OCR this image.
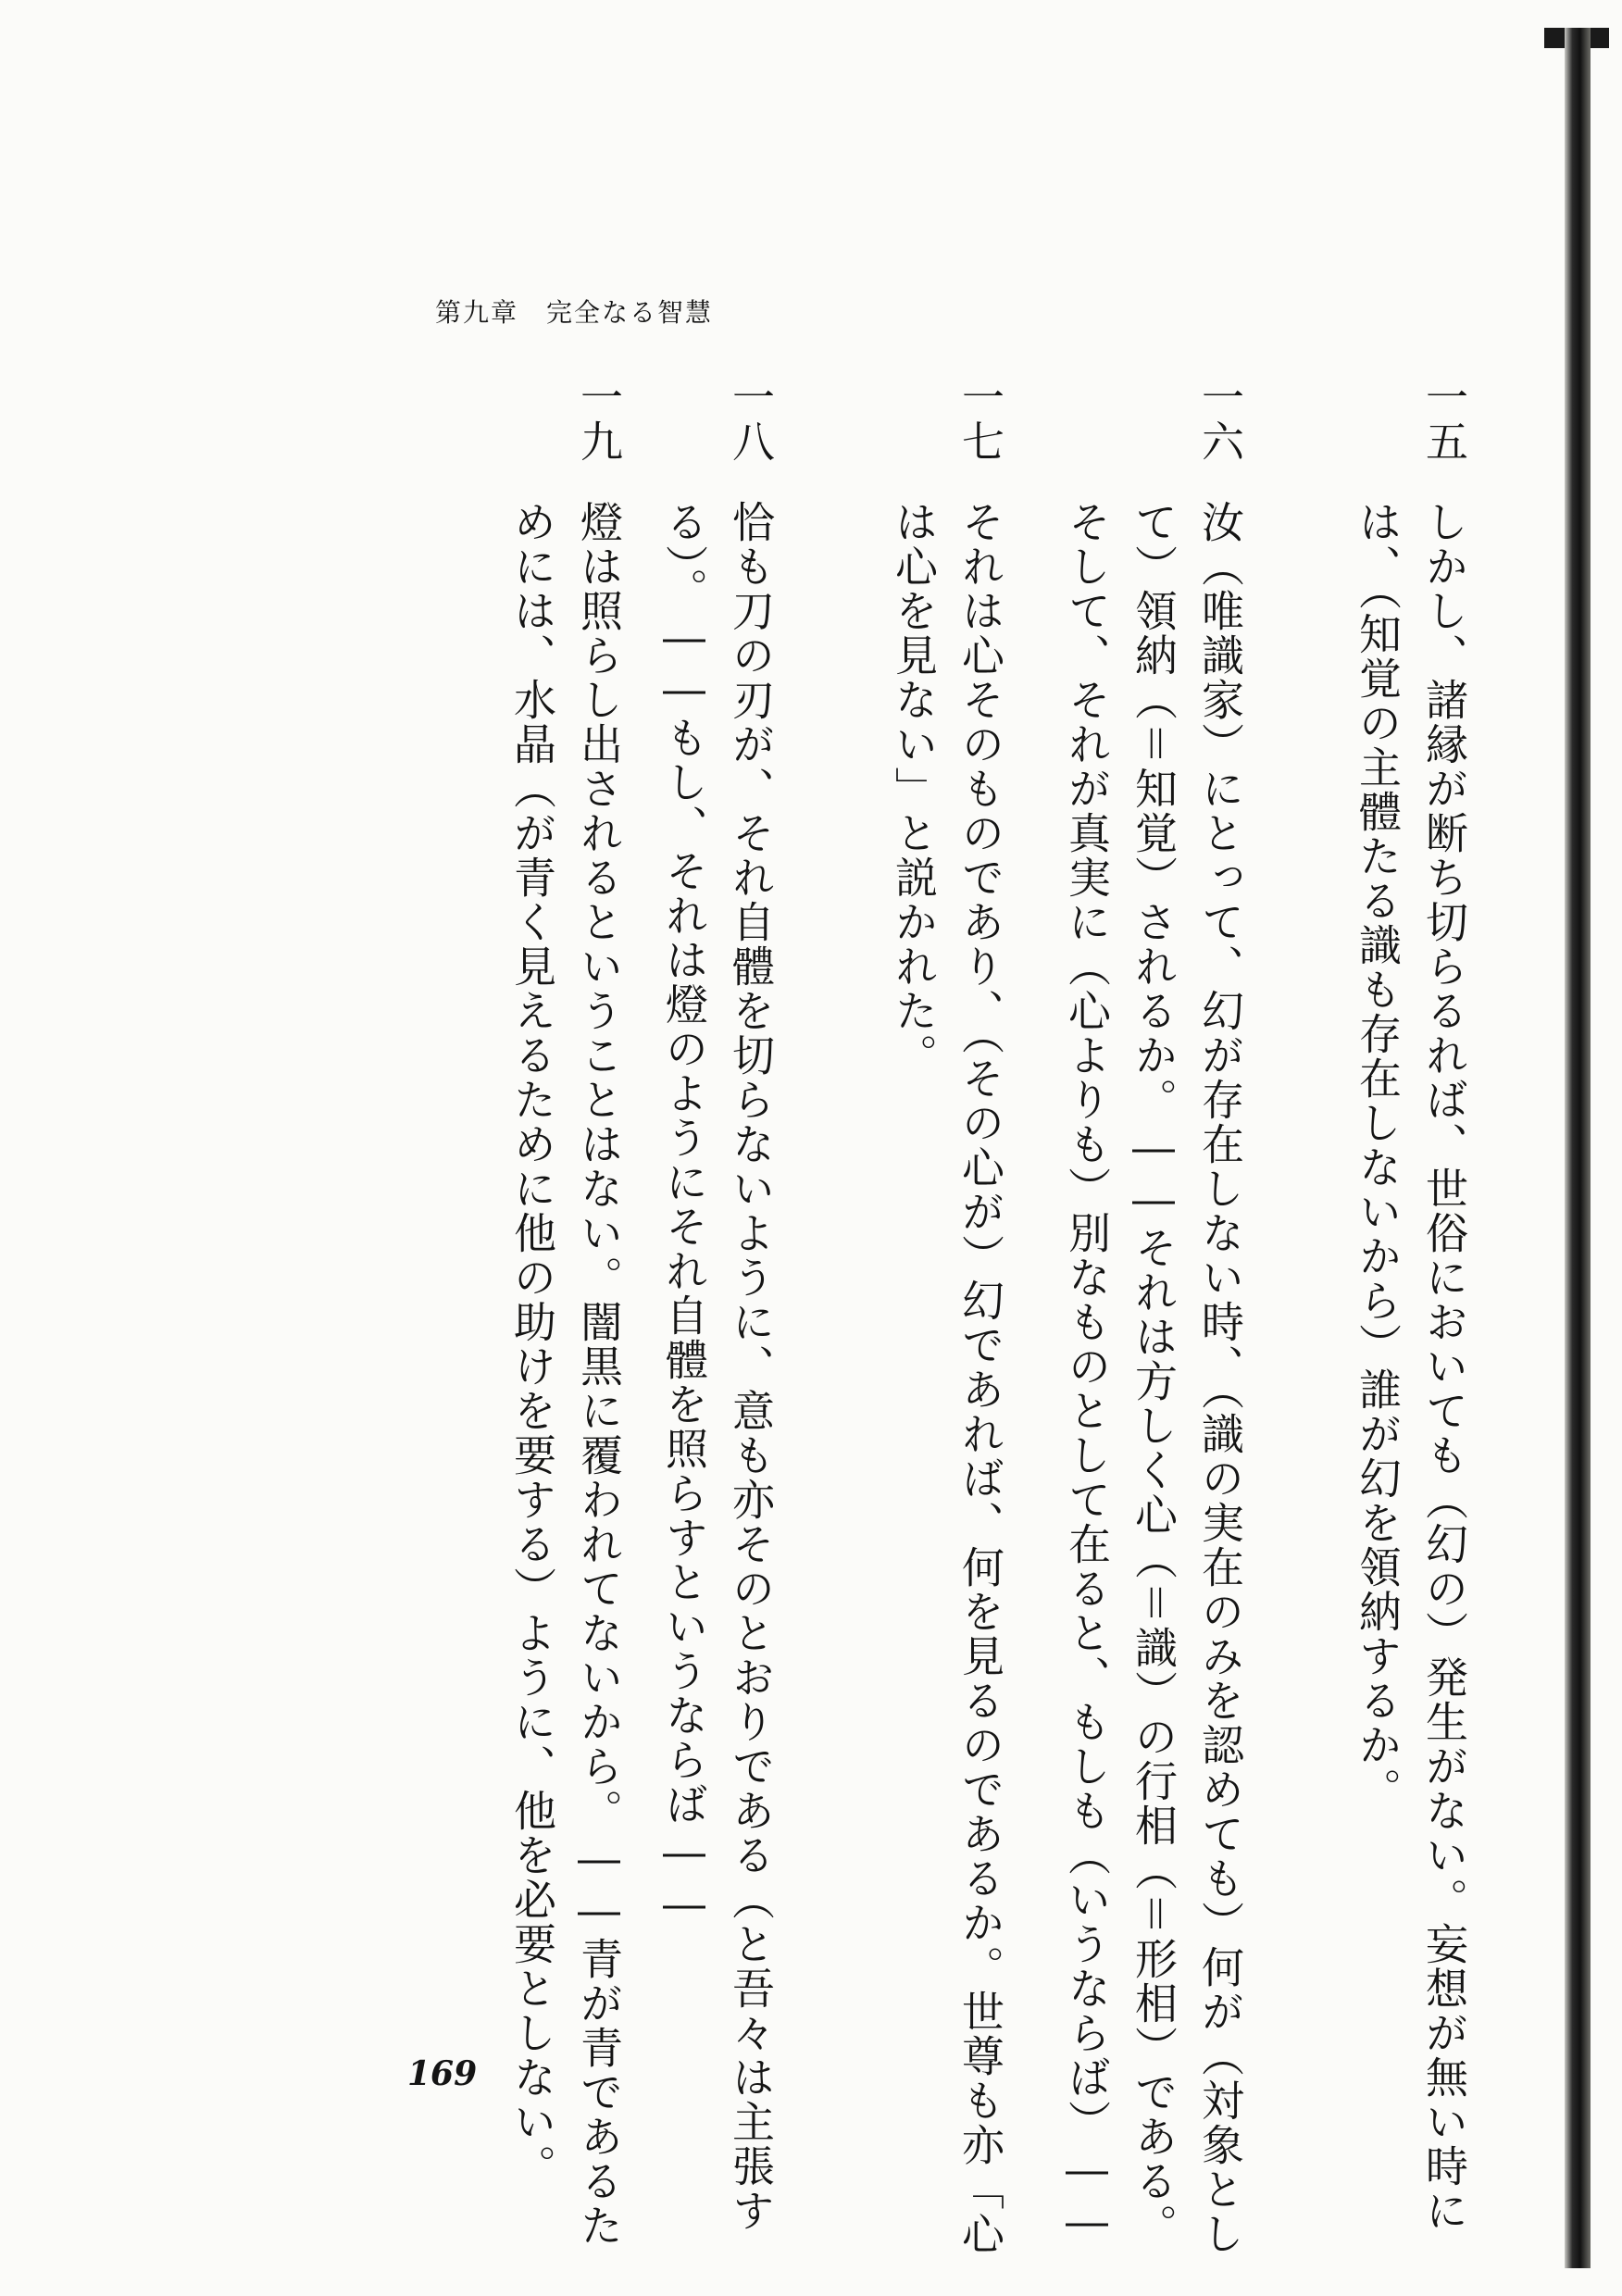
第九章　完全なる智慧
一五
しかし、諸縁が断ち切らるれば、世俗においても（幻の）発生がない。妄想が無い時に
は、（知覚の主體たる識も存在しないから）誰が幻を領納するか。
一六
汝（唯識家）にとって、幻が存在しない時、（識の実在のみを認めても）何が（対象とし
て）領納（＝知覚）されるか。――それは方しく心（＝識）の行相（＝形相）である。
そして、それが真実に（心よりも）別なものとして在ると、もしも（いうならば）――
一七
それは心そのものであり、（その心が）幻であれば、何を見るのであるか。世尊も亦「心
は心を見ない」と説かれた。
一八
恰も刀の刃が、それ自體を切らないように、意も亦そのとおりである（と吾々は主張す
る）。――もし、それは燈のようにそれ自體を照らすというならば――
一九
燈は照らし出されるということはない。闇黒に覆われてないから。――青が青であるた
めには、水晶（が青く見えるために他の助けを要する）ように、他を必要としない。
169
